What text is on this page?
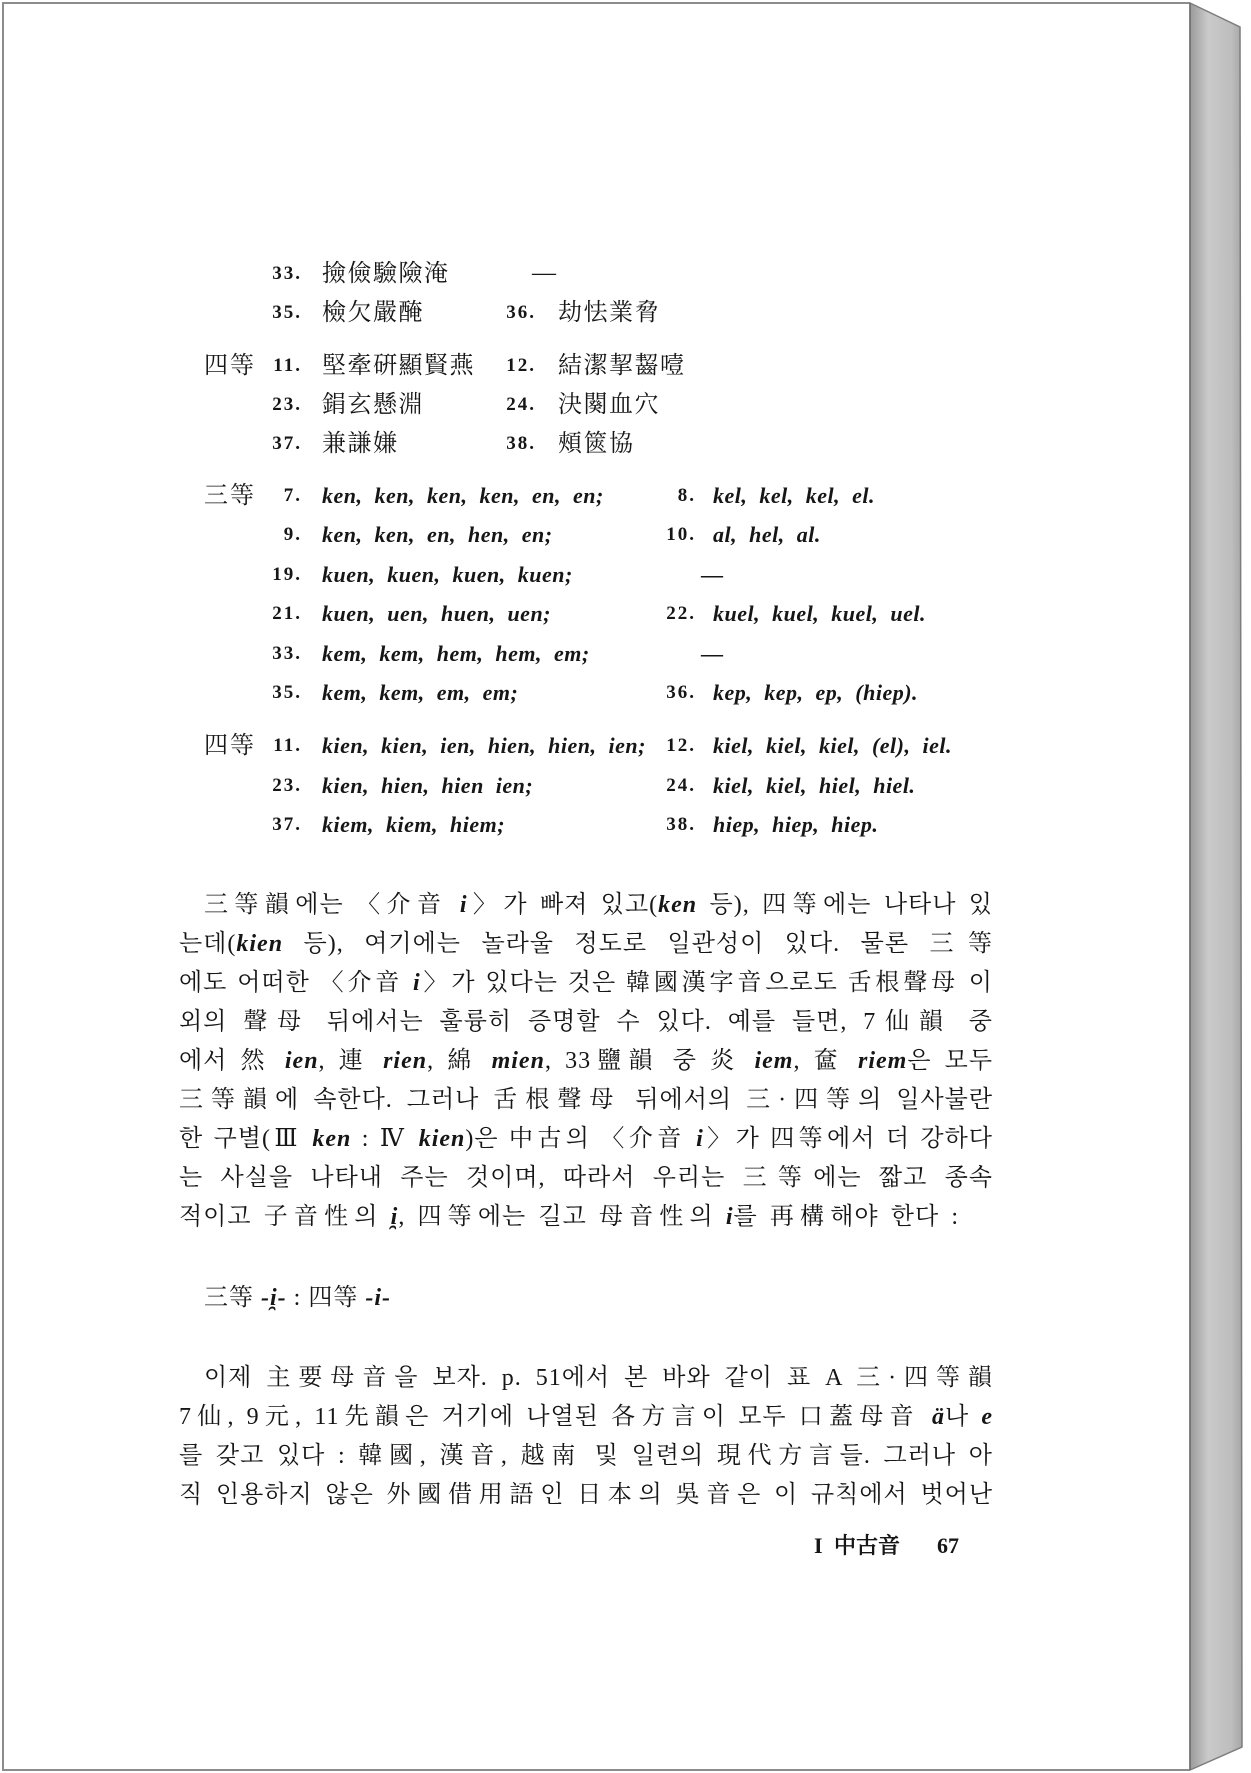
33. 撿儉驗險淹	—
35. 檢欠嚴醃	36. 劫怯業脅
四等 11. 堅牽硏顯賢燕	12. 結潔挈齧噎
23. 鋗玄懸淵	24. 決闋血穴
37. 兼謙嫌	38. 頰篋協
三等	7. ken, ken, ken, ken, en, en;	8. kel, kel, kel, el.
9. ken, ken, en, hen, en;	10. al, hel, al.
19. kuen, kuen, kuen, kuen;	—
21. kuen, uen, huen, uen;	22. kuel, kuel, kuel, uel.
33. kem, kem, hem, hem, em;	—
35. kem, kem, em, em;	36. kep, kep, ep, (hiep).
四等 11. kien, kien, ien, hien, hien, ien;	12. kiel, kiel, kiel, (el), iel.
23. kien, hien, hien ien;	24. kiel, kiel, hiel, hiel.
37. kiem, kiem, hiem;	38. hiep, hiep, hiep.
三等韻에는 〈介音 i〉가 빠져 있고(ken 등), 四等에는 나타나 있
는데(kien 등), 여기에는 놀라울 정도로 일관성이 있다. 물론 三等
에도 어떠한 〈介音 i〉가 있다는 것은 韓國漢字音으로도 舌根聲母 이
외의 聲母 뒤에서는 훌륭히 증명할 수 있다. 예를 들면, 7仙韻 중
에서 然 ien, 連 rien, 綿 mien, 33鹽韻 중 炎 iem, 奩 riem은 모두
三等韻에 속한다. 그러나 舌根聲母 뒤에서의 三·四等의 일사불란
한 구별(Ⅲ ken : Ⅳ kien)은 中古의 〈介音 i〉가 四等에서 더 강하다
는 사실을 나타내 주는 것이며, 따라서 우리는 三等에는 짧고 종속
적이고 子音性의 i̯, 四等에는 길고 母音性의 i를 再構해야 한다 :
三等 -i̯- : 四等 -i-
이제 主要母音을 보자. p. 51에서 본 바와 같이 표 A 三·四等韻
7仙, 9元, 11先韻은 거기에 나열된 各方言이 모두 口蓋母音 ä나 e
를 갖고 있다 : 韓國, 漢音, 越南 및 일련의 現代方言들. 그러나 아
직 인용하지 않은 外國借用語인 日本의 吳音은 이 규칙에서 벗어난
I 中古音 67
